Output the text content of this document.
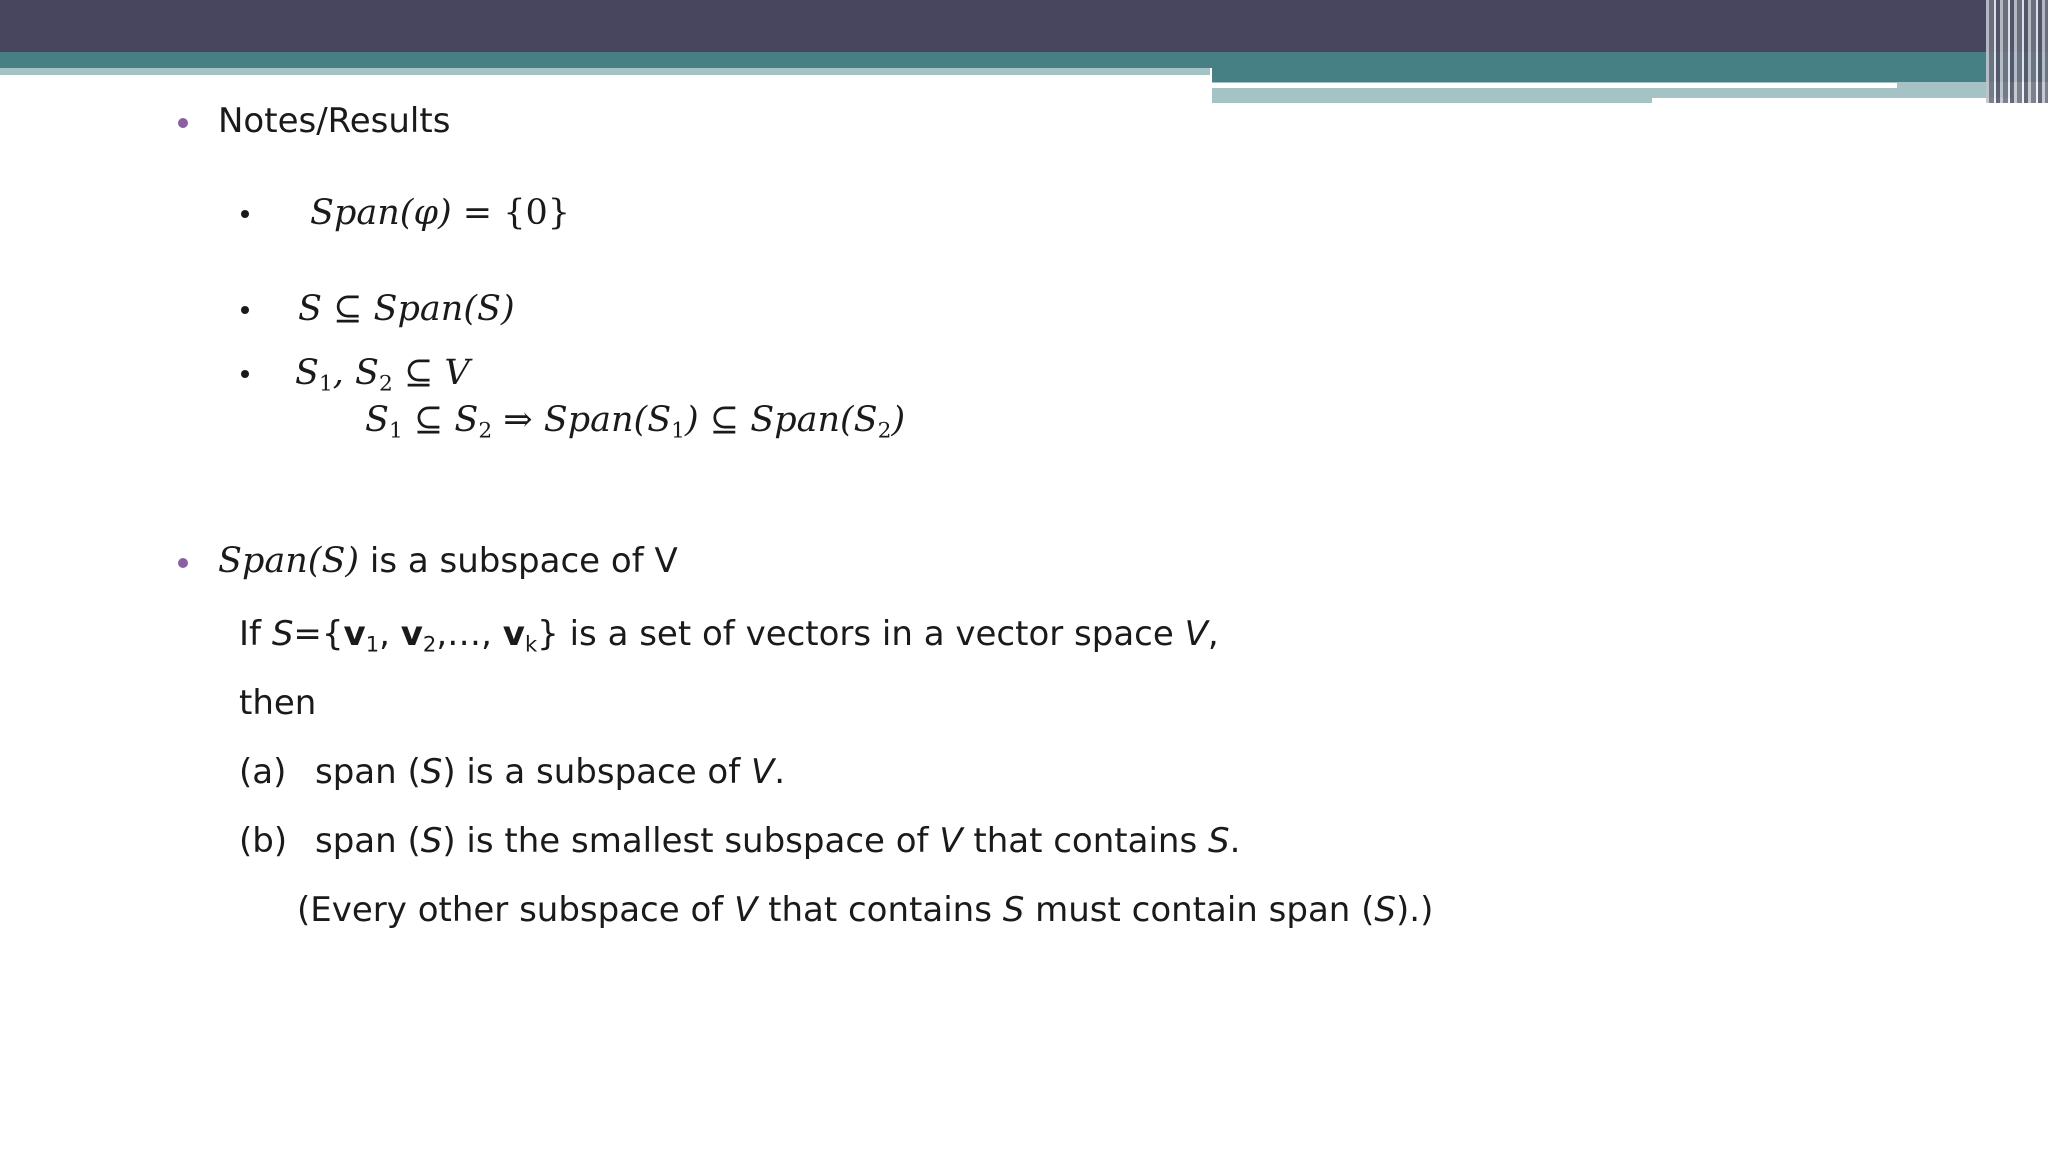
Notes/Results
Span(φ) = {0}
S ⊆ Span(S)
$S_1$, $S_2$ ⊆ V
$S_1$ ⊆ $S_2$ ⇒ $Span(S_1)$ ⊆ $Span(S_2)$
Span(S) is a subspace of V
If $S=\{v_1$, $v_2,\dots$, $v_k$} is a set of vectors in a vector space V,
then
(a) span (S) is a subspace of V.
(b) span (S) is the smallest subspace of V that contains S.
(Every other subspace of V that contains S must contain span (S).)
